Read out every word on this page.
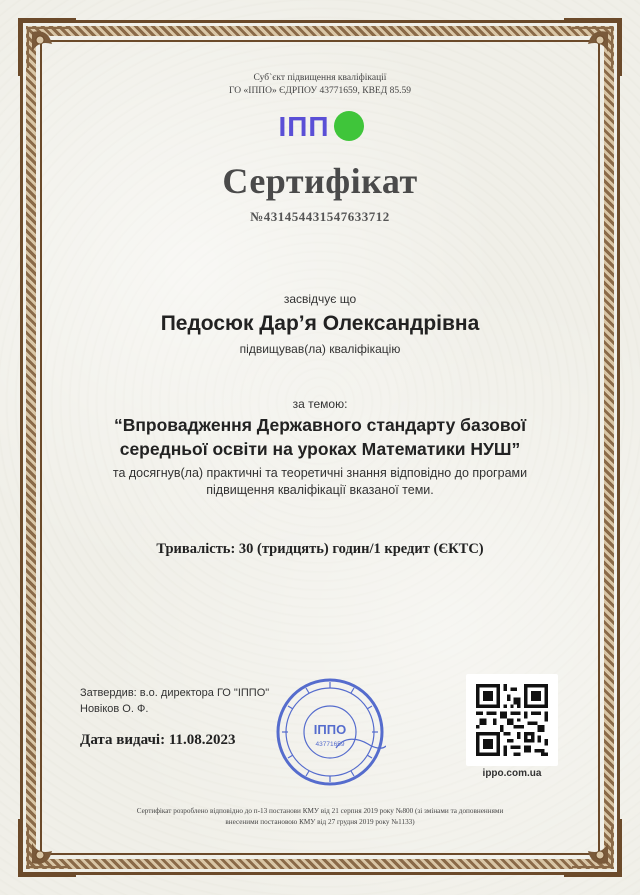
Суб`єкт підвищення кваліфікації
ГО «ІППО» ЄДРПОУ 43771659, КВЕД 85.59
ІПП
Сертифікат
№431454431547633712
засвідчує що
Педосюк Дар’я Олександрівна
підвищував(ла) кваліфікацію
за темою:
“Впровадження Державного стандарту базової
середньої освіти на уроках Математики НУШ”
та досягнув(ла) практичні та теоретичні знання відповідно до програми
підвищення кваліфікації вказаної теми.
Тривалість: 30 (тридцять) годин/1 кредит (ЄКТС)
Затвердив: в.о. директора ГО "ІППО"
Новіков О. Ф.
Дата видачі: 11.08.2023
ІППО
43771659
ippo.com.ua
Сертифікат розроблено відповідно до п-13 постанови КМУ від 21 серпня 2019 року №800 (зі змінами та доповненнями
внесеними постановою КМУ від 27 грудня 2019 року №1133)
